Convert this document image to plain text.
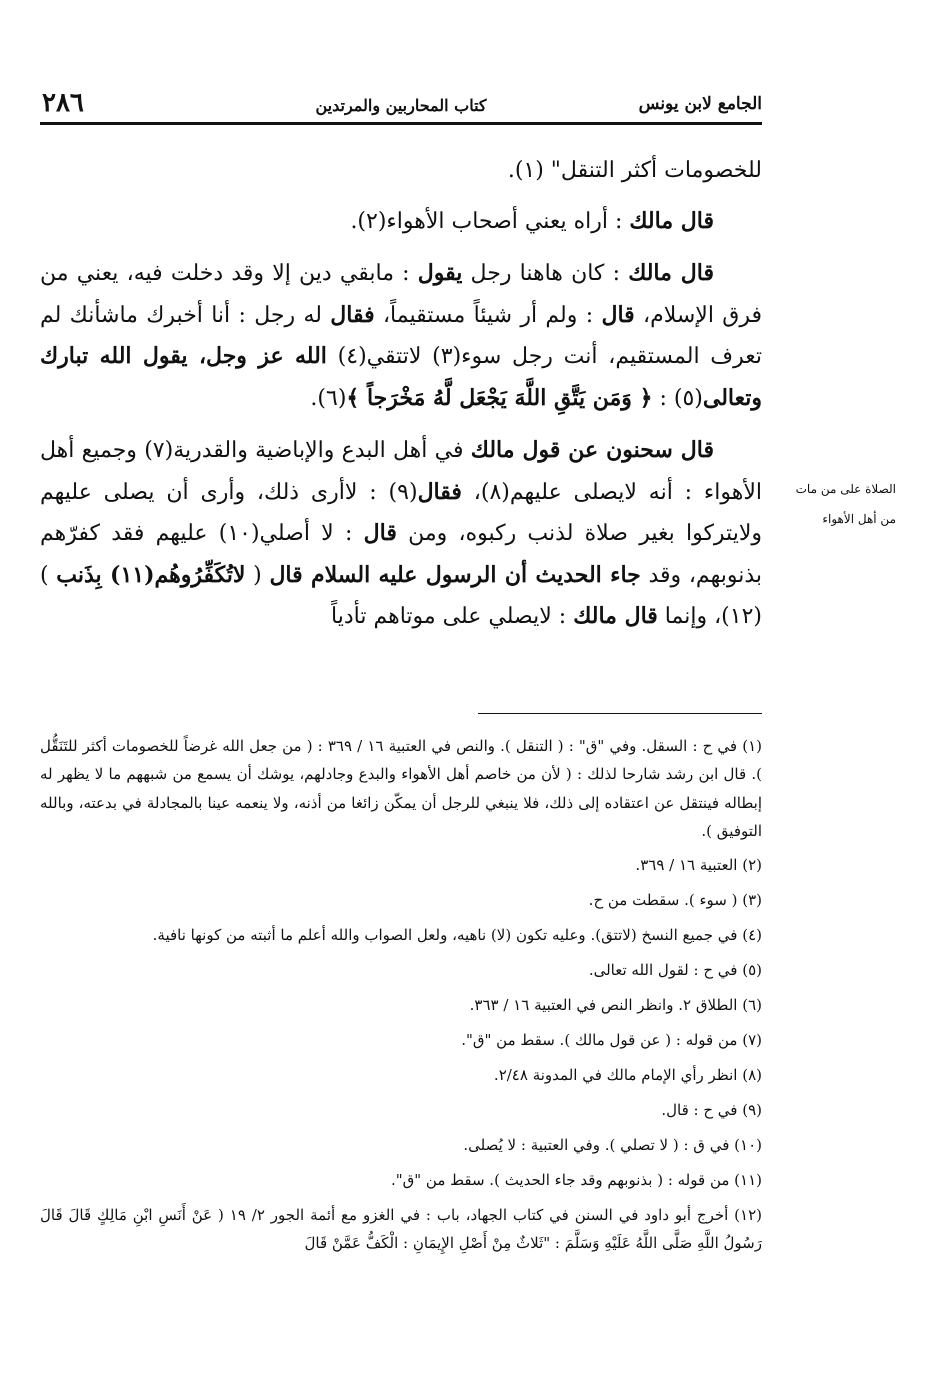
الجامع لابن يونس
كتاب المحاربين والمرتدين
٢٨٦

للخصومات أكثر التنقل" (١).

قال مالك : أراه يعني أصحاب الأهواء(٢).

قال مالك : كان هاهنا رجل يقول : مابقي دين إلا وقد دخلت فيه، يعني من فرق الإسلام، قال : ولم أر شيئاً مستقيماً، فقال له رجل : أنا أخبرك ماشأنك لم تعرف المستقيم، أنت رجل سوء(٣) لاتتقي(٤) الله عز وجل، يقول الله تبارك وتعالى(٥) : ﴿ وَمَن يَتَّقِ اللَّهَ يَجْعَل لَّهُ مَخْرَجاً ﴾(٦).

قال سحنون عن قول مالك في أهل البدع والإباضية والقدرية(٧) وجميع أهل الأهواء : أنه لايصلى عليهم(٨)، فقال(٩) : لاأرى ذلك، وأرى أن يصلى عليهم ولايتركوا بغير صلاة لذنب ركبوه، ومن قال : لا أصلي(١٠) عليهم فقد كفرّهم بذنوبهم، وقد جاء الحديث أن الرسول عليه السلام قال ( لاتُكَفِّرُوهُم(١١) بِذَنب )(١٢)، وإنما قال مالك : لايصلي على موتاهم تأدياً

الصلاة على من مات
من أهل الأهواء
(١) في ح : السقل. وفي "ق" : ( التنقل ). والنص في العتبية ١٦ / ٣٦٩ : ( من جعل الله غرضاً للخصومات أكثر للتَنَقُّل ). قال ابن رشد شارحا لذلك : ( لأن من خاصم أهل الأهواء والبدع وجادلهم، يوشك أن يسمع من شبههم ما لا يظهر له إبطاله فينتقل عن اعتقاده إلى ذلك، فلا ينبغي للرجل أن يمكّن زائغا من أذنه، ولا ينعمه عينا بالمجادلة في بدعته، وبالله التوفيق ).
(٢) العتبية ١٦ / ٣٦٩.
(٣) ( سوء ). سقطت من ح.
(٤) في جميع النسخ (لاتتق). وعليه تكون (لا) ناهيه، ولعل الصواب والله أعلم ما أثبته من كونها نافية.
(٥) في ح : لقول الله تعالى.
(٦) الطلاق ٢. وانظر النص في العتبية ١٦ / ٣٦٣.
(٧) من قوله : ( عن قول مالك ). سقط من "ق".
(٨) انظر رأي الإمام مالك في المدونة ٢/٤٨.
(٩) في ح : قال.
(١٠) في ق : ( لا تصلي ). وفي العتبية : لا يُصلى.
(١١) من قوله : ( بذنوبهم وقد جاء الحديث ). سقط من "ق".
(١٢) أخرج أبو داود في السنن في كتاب الجهاد، باب : في الغزو مع أئمة الجور ٢/ ١٩ ( عَنْ أَنَسِ ابْنِ مَالِكٍ قَالَ قَالَ رَسُولُ اللَّهِ صَلَّى اللَّهُ عَلَيْهِ وَسَلَّمَ : "ثَلاثٌ مِنْ أَصْلِ الإِيمَانِ : الْكَفُّ عَمَّنْ قَالَ
